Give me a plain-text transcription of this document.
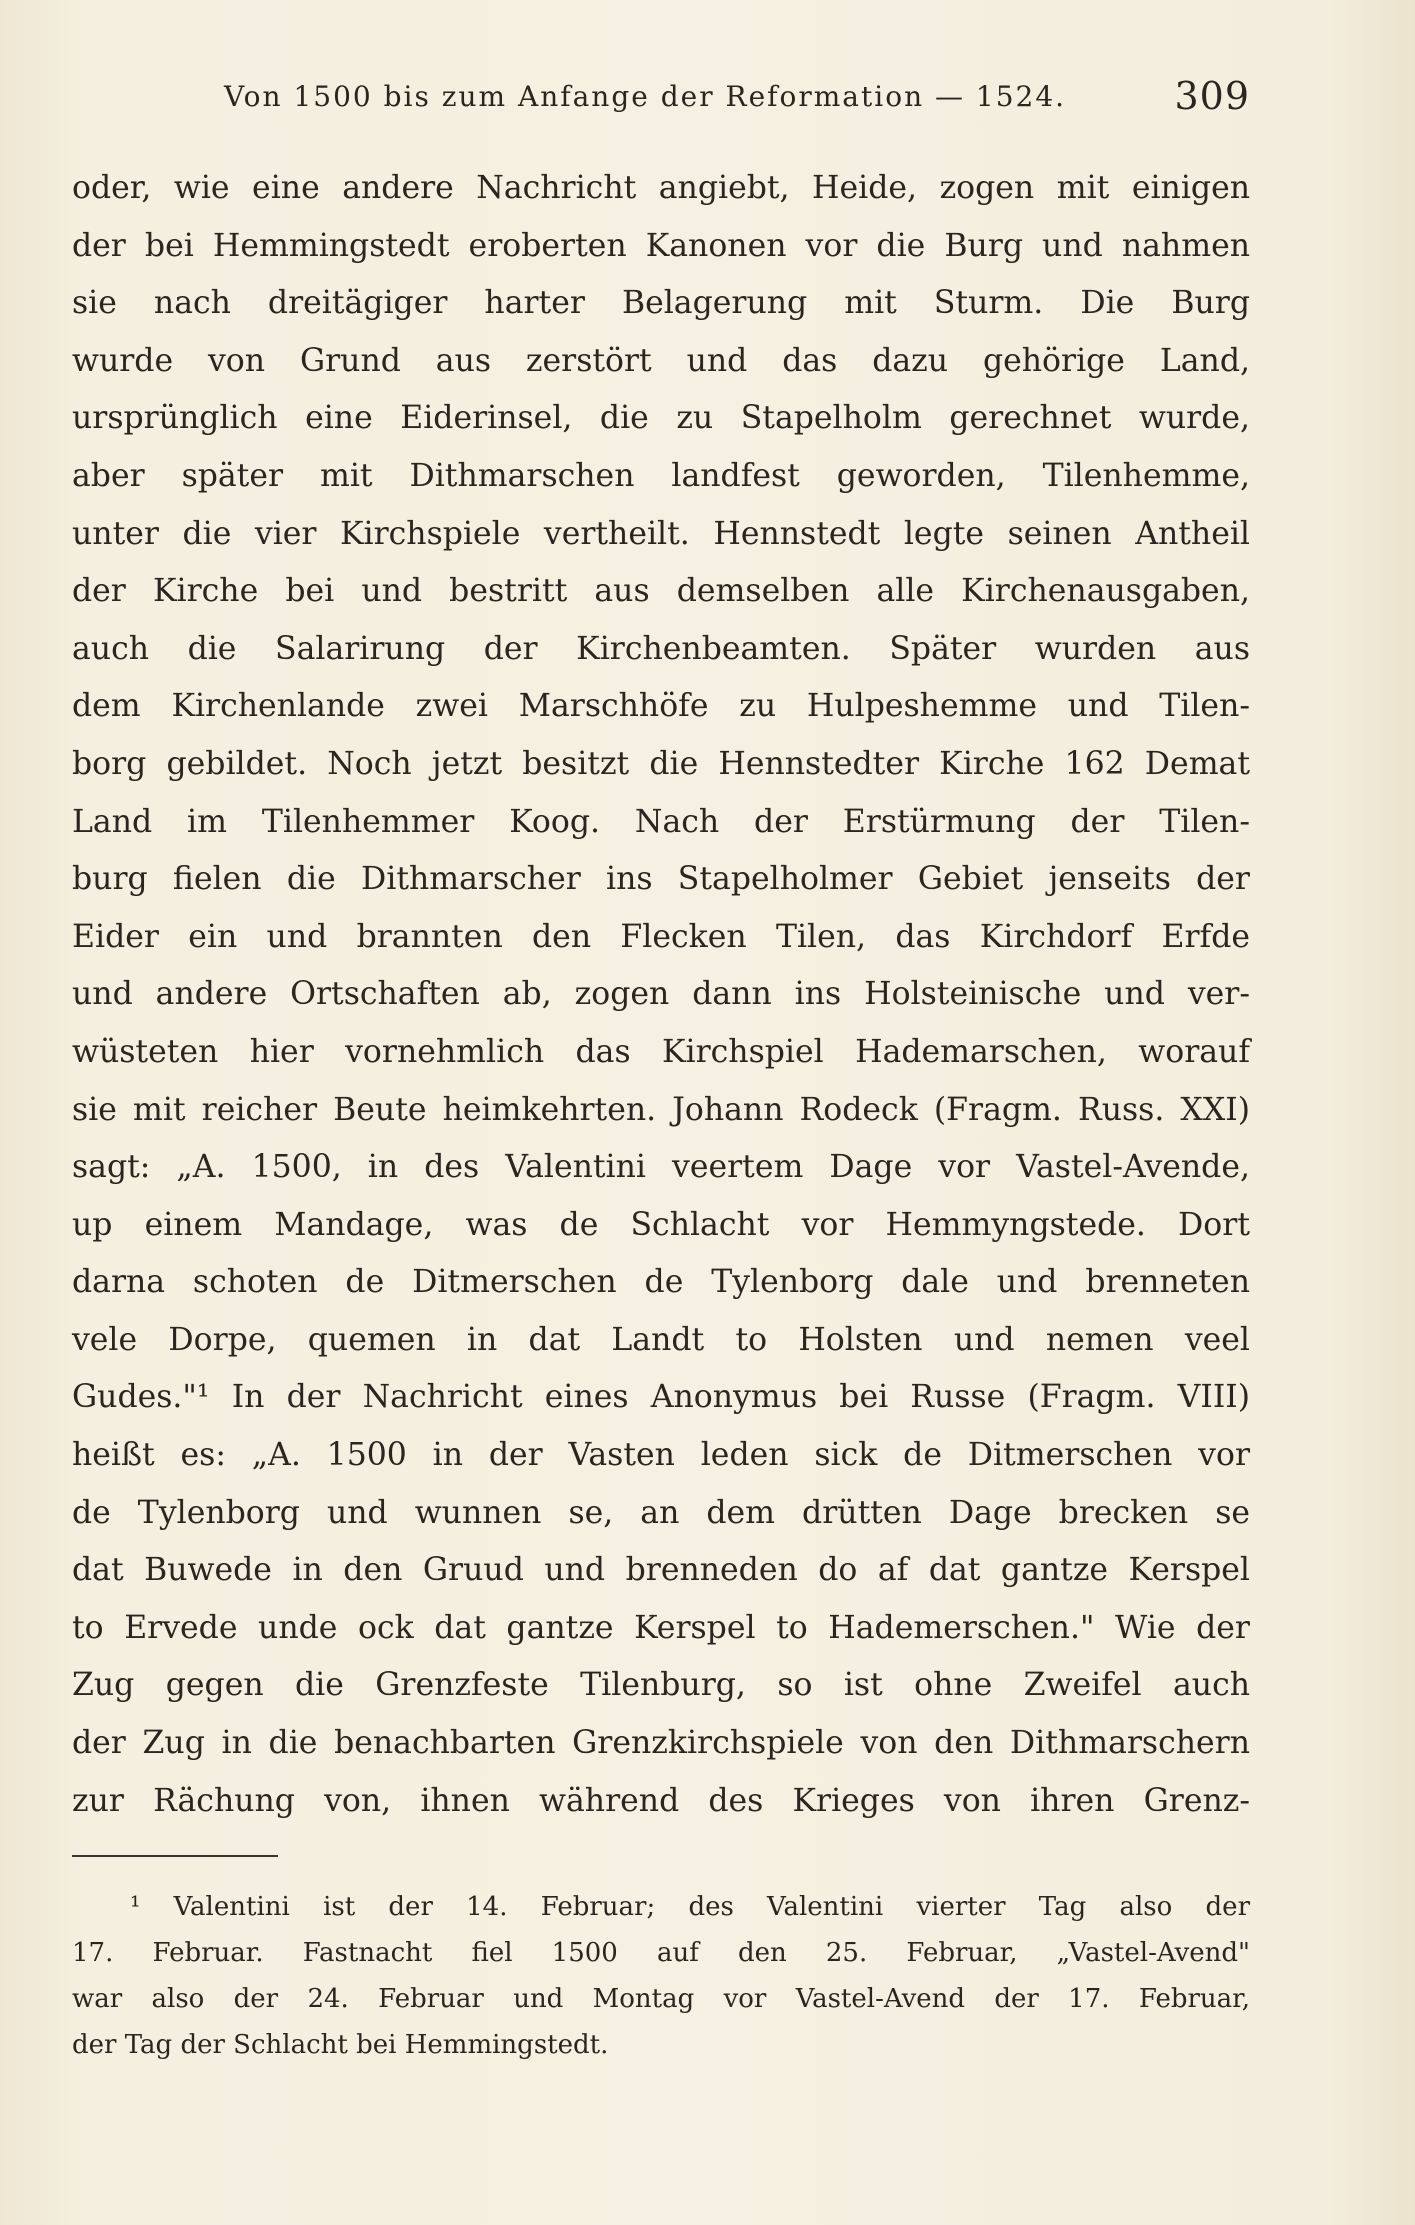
Von 1500 bis zum Anfange der Reformation — 1524.	309
oder, wie eine andere Nachricht angiebt, Heide, zogen mit einigen
der bei Hemmingstedt eroberten Kanonen vor die Burg und nahmen
sie nach dreitägiger harter Belagerung mit Sturm. Die Burg
wurde von Grund aus zerstört und das dazu gehörige Land,
ursprünglich eine Eiderinsel, die zu Stapelholm gerechnet wurde,
aber später mit Dithmarschen landfest geworden, Tilenhemme,
unter die vier Kirchspiele vertheilt. Hennstedt legte seinen Antheil
der Kirche bei und bestritt aus demselben alle Kirchenausgaben,
auch die Salarirung der Kirchenbeamten. Später wurden aus
dem Kirchenlande zwei Marschhöfe zu Hulpeshemme und Tilen-
borg gebildet. Noch jetzt besitzt die Hennstedter Kirche 162 Demat
Land im Tilenhemmer Koog. Nach der Erstürmung der Tilen-
burg fielen die Dithmarscher ins Stapelholmer Gebiet jenseits der
Eider ein und brannten den Flecken Tilen, das Kirchdorf Erfde
und andere Ortschaften ab, zogen dann ins Holsteinische und ver-
wüsteten hier vornehmlich das Kirchspiel Hademarschen, worauf
sie mit reicher Beute heimkehrten. Johann Rodeck (Fragm. Russ. XXI)
sagt: „A. 1500, in des Valentini veertem Dage vor Vastel-Avende,
up einem Mandage, was de Schlacht vor Hemmyngstede. Dort
darna schoten de Ditmerschen de Tylenborg dale und brenneten
vele Dorpe, quemen in dat Landt to Holsten und nemen veel
Gudes."¹ In der Nachricht eines Anonymus bei Russe (Fragm. VIII)
heißt es: „A. 1500 in der Vasten leden sick de Ditmerschen vor
de Tylenborg und wunnen se, an dem drütten Dage brecken se
dat Buwede in den Gruud und brenneden do af dat gantze Kerspel
to Ervede unde ock dat gantze Kerspel to Hademerschen." Wie der
Zug gegen die Grenzfeste Tilenburg, so ist ohne Zweifel auch
der Zug in die benachbarten Grenzkirchspiele von den Dithmarschern
zur Rächung von, ihnen während des Krieges von ihren Grenz-
¹ Valentini ist der 14. Februar; des Valentini vierter Tag also der
17. Februar. Fastnacht fiel 1500 auf den 25. Februar, „Vastel-Avend"
war also der 24. Februar und Montag vor Vastel-Avend der 17. Februar,
der Tag der Schlacht bei Hemmingstedt.
